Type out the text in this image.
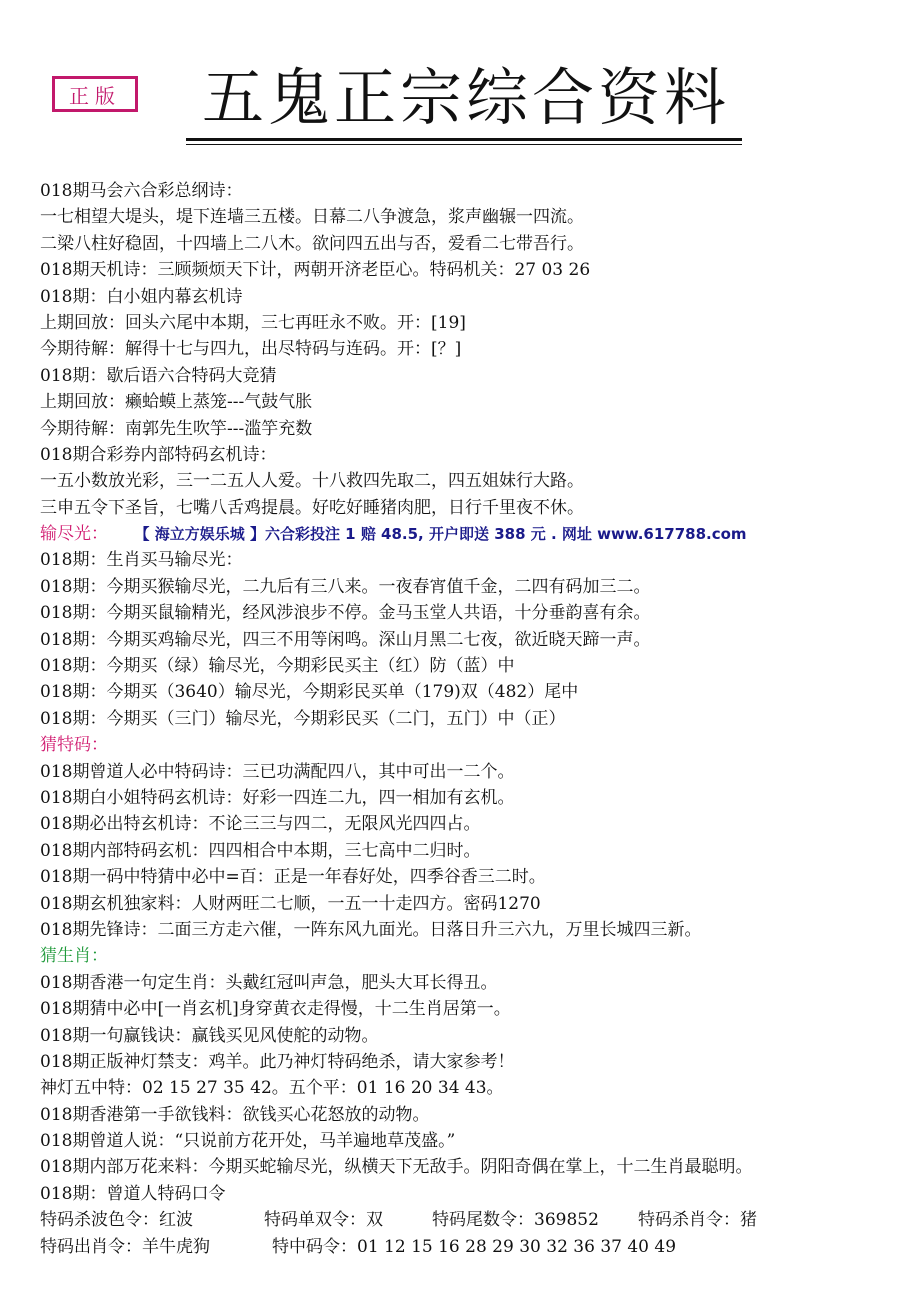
正版 五鬼正宗综合资料
018期马会六合彩总纲诗：
一七相望大堤头，堤下连墙三五楼。日幕二八争渡急，浆声幽辗一四流。
二梁八柱好稳固，十四墙上二八木。欲问四五出与否，爱看二七带吾行。
018期天机诗：三顾频烦天下计，两朝开济老臣心。特码机关：27 03 26
018期：白小姐内幕玄机诗
上期回放：回头六尾中本期，三七再旺永不败。开：[19]
今期待解：解得十七与四九，出尽特码与连码。开：[？]
018期：歇后语六合特码大竞猜
上期回放：癞蛤蟆上蒸笼---气鼓气胀
今期待解：南郭先生吹竽---滥竽充数
018期合彩券内部特码玄机诗：
一五小数放光彩，三一二五人人爱。十八救四先取二，四五姐妹行大路。
三申五令下圣旨，七嘴八舌鸡提晨。好吃好睡猪肉肥，日行千里夜不休。
输尽光： 【 海立方娱乐城 】六合彩投注 1 赔 48.5, 开户即送 388 元 . 网址 www.617788.com
018期：生肖买马输尽光：
018期：今期买猴输尽光，二九后有三八来。一夜春宵值千金，二四有码加三二。
018期：今期买鼠输精光，经风涉浪步不停。金马玉堂人共语，十分垂韵喜有余。
018期：今期买鸡输尽光，四三不用等闲鸣。深山月黑二七夜，欲近晓天蹄一声。
018期：今期买（绿）输尽光，今期彩民买主（红）防（蓝）中
018期：今期买（3640）输尽光，今期彩民买单（179)双（482）尾中
018期：今期买（三门）输尽光，今期彩民买（二门，五门）中（正）
猜特码：
018期曾道人必中特码诗：三已功满配四八，其中可出一二个。
018期白小姐特码玄机诗：好彩一四连二九，四一相加有玄机。
018期必出特玄机诗：不论三三与四二，无限风光四四占。
018期内部特码玄机：四四相合中本期，三七高中二归时。
018期一码中特猜中必中=百：正是一年春好处，四季谷香三二时。
018期玄机独家料：人财两旺二七顺，一五一十走四方。密码1270
018期先锋诗：二面三方走六催，一阵东风九面光。日落日升三六九，万里长城四三新。
猜生肖：
018期香港一句定生肖：头戴红冠叫声急，肥头大耳长得丑。
018期猜中必中[一肖玄机]身穿黄衣走得慢，十二生肖居第一。
018期一句赢钱诀：赢钱买见风使舵的动物。
018期正版神灯禁支：鸡羊。此乃神灯特码绝杀，请大家参考！
神灯五中特：02 15 27 35 42。五个平：01 16 20 34 43。
018期香港第一手欲钱料：欲钱买心花怒放的动物。
018期曾道人说：“只说前方花开处，马羊遍地草茂盛。”
018期内部万花来料：今期买蛇输尽光，纵横天下无敌手。阴阳奇偶在掌上，十二生肖最聪明。
018期：曾道人特码口令
特码杀波色令：红波	特码单双令：双	特码尾数令：369852 特码杀肖令：猪
特码出肖令：羊牛虎狗	特中码令：01 12 15 16 28 29 30 32 36 37 40 49
